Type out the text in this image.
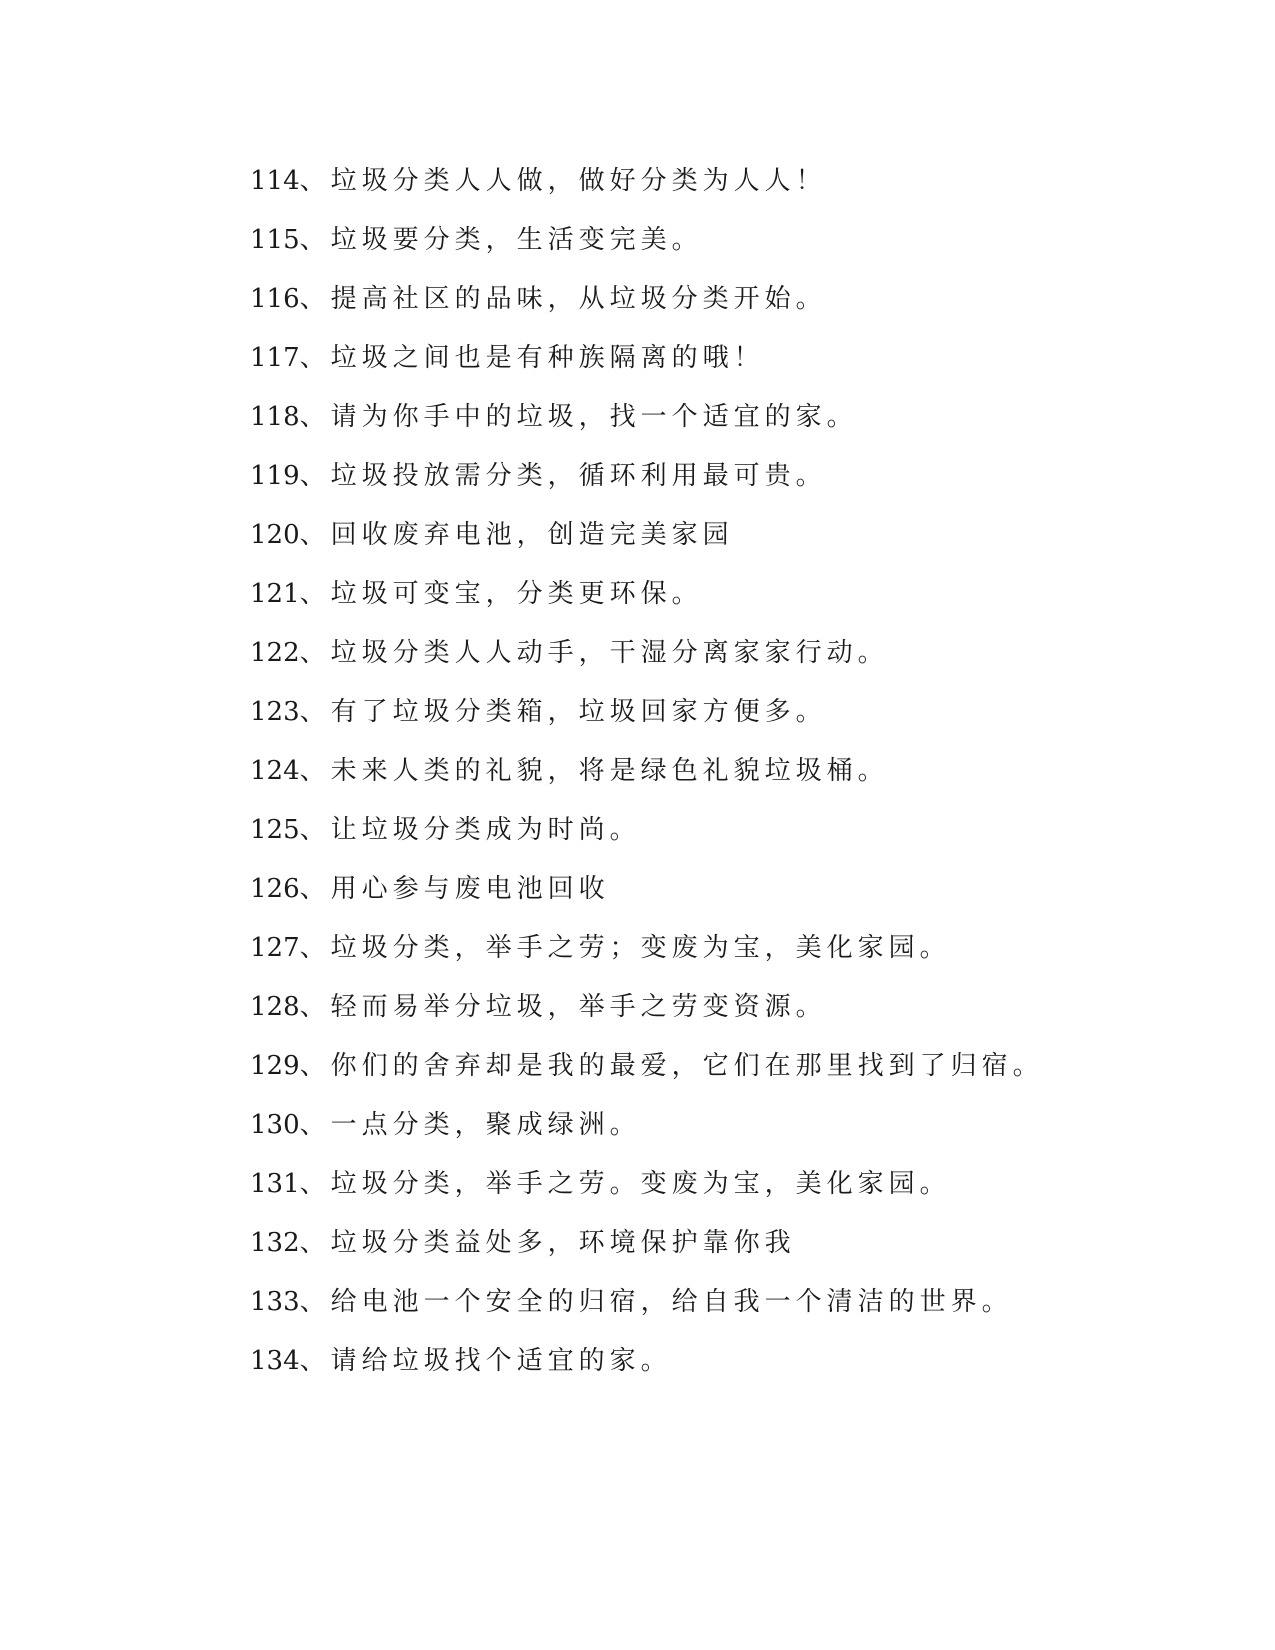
114、垃圾分类人人做，做好分类为人人！
115、垃圾要分类，生活变完美。
116、提高社区的品味，从垃圾分类开始。
117、垃圾之间也是有种族隔离的哦！
118、请为你手中的垃圾，找一个适宜的家。
119、垃圾投放需分类，循环利用最可贵。
120、回收废弃电池，创造完美家园
121、垃圾可变宝，分类更环保。
122、垃圾分类人人动手，干湿分离家家行动。
123、有了垃圾分类箱，垃圾回家方便多。
124、未来人类的礼貌，将是绿色礼貌垃圾桶。
125、让垃圾分类成为时尚。
126、用心参与废电池回收
127、垃圾分类，举手之劳；变废为宝，美化家园。
128、轻而易举分垃圾，举手之劳变资源。
129、你们的舍弃却是我的最爱，它们在那里找到了归宿。
130、一点分类，聚成绿洲。
131、垃圾分类，举手之劳。变废为宝，美化家园。
132、垃圾分类益处多，环境保护靠你我
133、给电池一个安全的归宿，给自我一个清洁的世界。
134、请给垃圾找个适宜的家。
